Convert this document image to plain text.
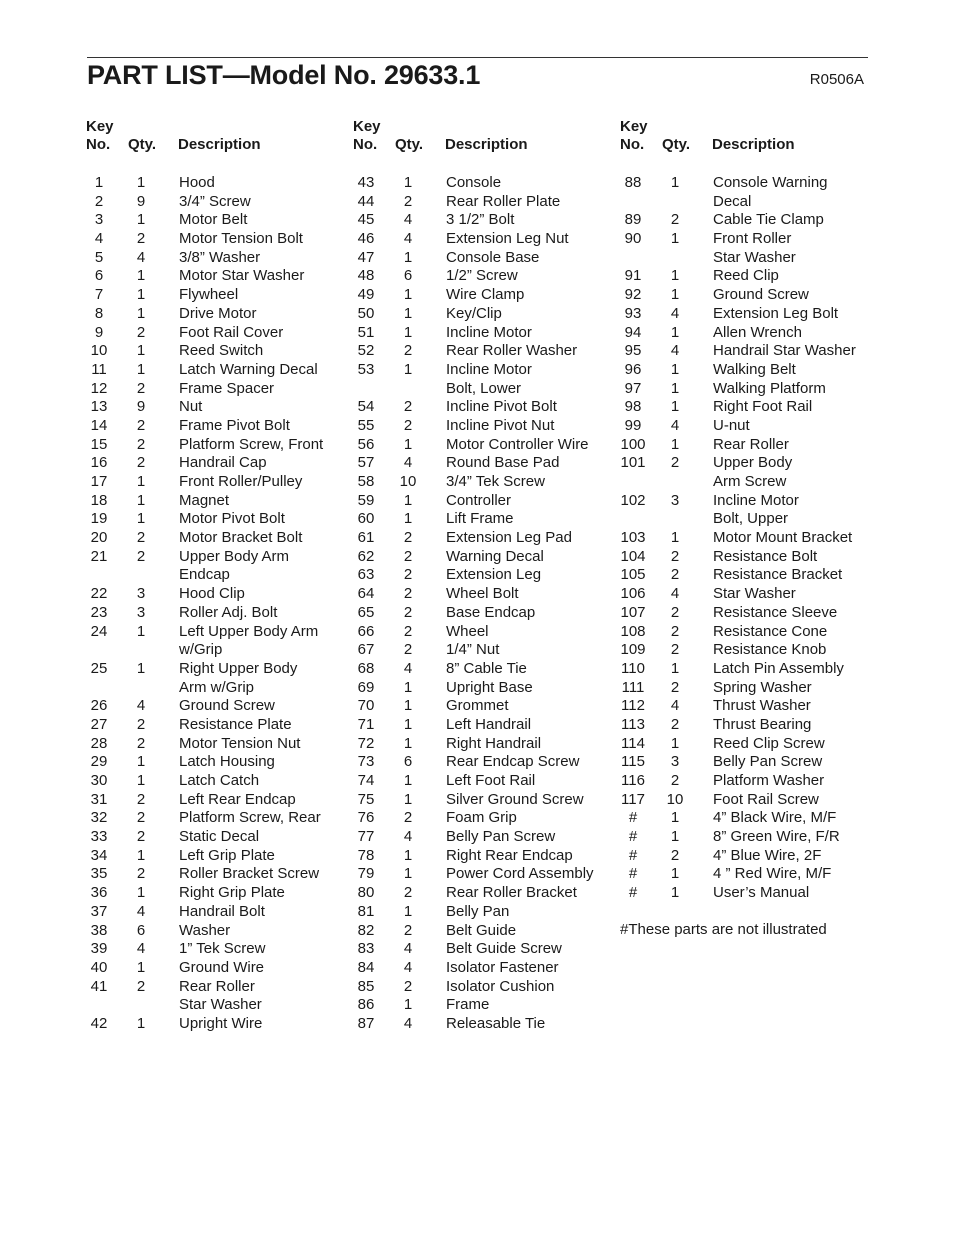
PART LIST—Model No. 29633.1	R0506A
Key
No. Qty. Description
1	1	Hood
2	9	3/4” Screw
3	1	Motor Belt
4	2	Motor Tension Bolt
5	4	3/8” Washer
6	1	Motor Star Washer
7	1	Flywheel
8	1	Drive Motor
9	2	Foot Rail Cover
10	1	Reed Switch
11	1	Latch Warning Decal
12	2	Frame Spacer
13	9	Nut
14	2	Frame Pivot Bolt
15	2	Platform Screw, Front
16	2	Handrail Cap
17	1	Front Roller/Pulley
18	1	Magnet
19	1	Motor Pivot Bolt
20	2	Motor Bracket Bolt
21	2	Upper Body Arm
Endcap
22	3	Hood Clip
23	3	Roller Adj. Bolt
24	1	Left Upper Body Arm
w/Grip
25	1	Right Upper Body
Arm w/Grip
26	4	Ground Screw
27	2	Resistance Plate
28	2	Motor Tension Nut
29	1	Latch Housing
30	1	Latch Catch
31	2	Left Rear Endcap
32	2	Platform Screw, Rear
33	2	Static Decal
34	1	Left Grip Plate
35	2	Roller Bracket Screw
36	1	Right Grip Plate
37	4	Handrail Bolt
38	6	Washer
39	4	1” Tek Screw
40	1	Ground Wire
41	2	Rear Roller
Star Washer
42	1	Upright Wire
Key
No. Qty. Description
43	1	Console
44	2	Rear Roller Plate
45	4	3 1/2” Bolt
46	4	Extension Leg Nut
47	1	Console Base
48	6	1/2” Screw
49	1	Wire Clamp
50	1	Key/Clip
51	1	Incline Motor
52	2	Rear Roller Washer
53	1	Incline Motor
Bolt, Lower
54	2	Incline Pivot Bolt
55	2	Incline Pivot Nut
56	1	Motor Controller Wire
57	4	Round Base Pad
58	10 3/4” Tek Screw
59	1	Controller
60	1	Lift Frame
61	2	Extension Leg Pad
62	2	Warning Decal
63	2	Extension Leg
64	2	Wheel Bolt
65	2	Base Endcap
66	2	Wheel
67	2	1/4” Nut
68	4	8” Cable Tie
69	1	Upright Base
70	1	Grommet
71	1	Left Handrail
72	1	Right Handrail
73	6	Rear Endcap Screw
74	1	Left Foot Rail
75	1	Silver Ground Screw
76	2	Foam Grip
77	4	Belly Pan Screw
78	1	Right Rear Endcap
79	1	Power Cord Assembly
80	2	Rear Roller Bracket
81	1	Belly Pan
82	2	Belt Guide
83	4	Belt Guide Screw
84	4	Isolator Fastener
85	2	Isolator Cushion
86	1	Frame
87	4	Releasable Tie
Key
No. Qty. Description
88	1	Console Warning
Decal
89	2	Cable Tie Clamp
90	1	Front Roller
Star Washer
91	1	Reed Clip
92	1	Ground Screw
93	4	Extension Leg Bolt
94	1	Allen Wrench
95	4	Handrail Star Washer
96	1	Walking Belt
97	1	Walking Platform
98	1	Right Foot Rail
99	4	U-nut
100	1	Rear Roller
101	2	Upper Body
Arm Screw
102	3	Incline Motor
Bolt, Upper
103	1	Motor Mount Bracket
104	2	Resistance Bolt
105	2	Resistance Bracket
106	4	Star Washer
107	2	Resistance Sleeve
108	2	Resistance Cone
109	2	Resistance Knob
110	1	Latch Pin Assembly
111	2	Spring Washer
112	4	Thrust Washer
113	2	Thrust Bearing
114	1	Reed Clip Screw
115	3	Belly Pan Screw
116	2	Platform Washer
117 10 Foot Rail Screw
#	1	4” Black Wire, M/F
#	1	8” Green Wire, F/R
#	2	4” Blue Wire, 2F
#	1	4 ” Red Wire, M/F
#	1	User’s Manual
#These parts are not illustrated
